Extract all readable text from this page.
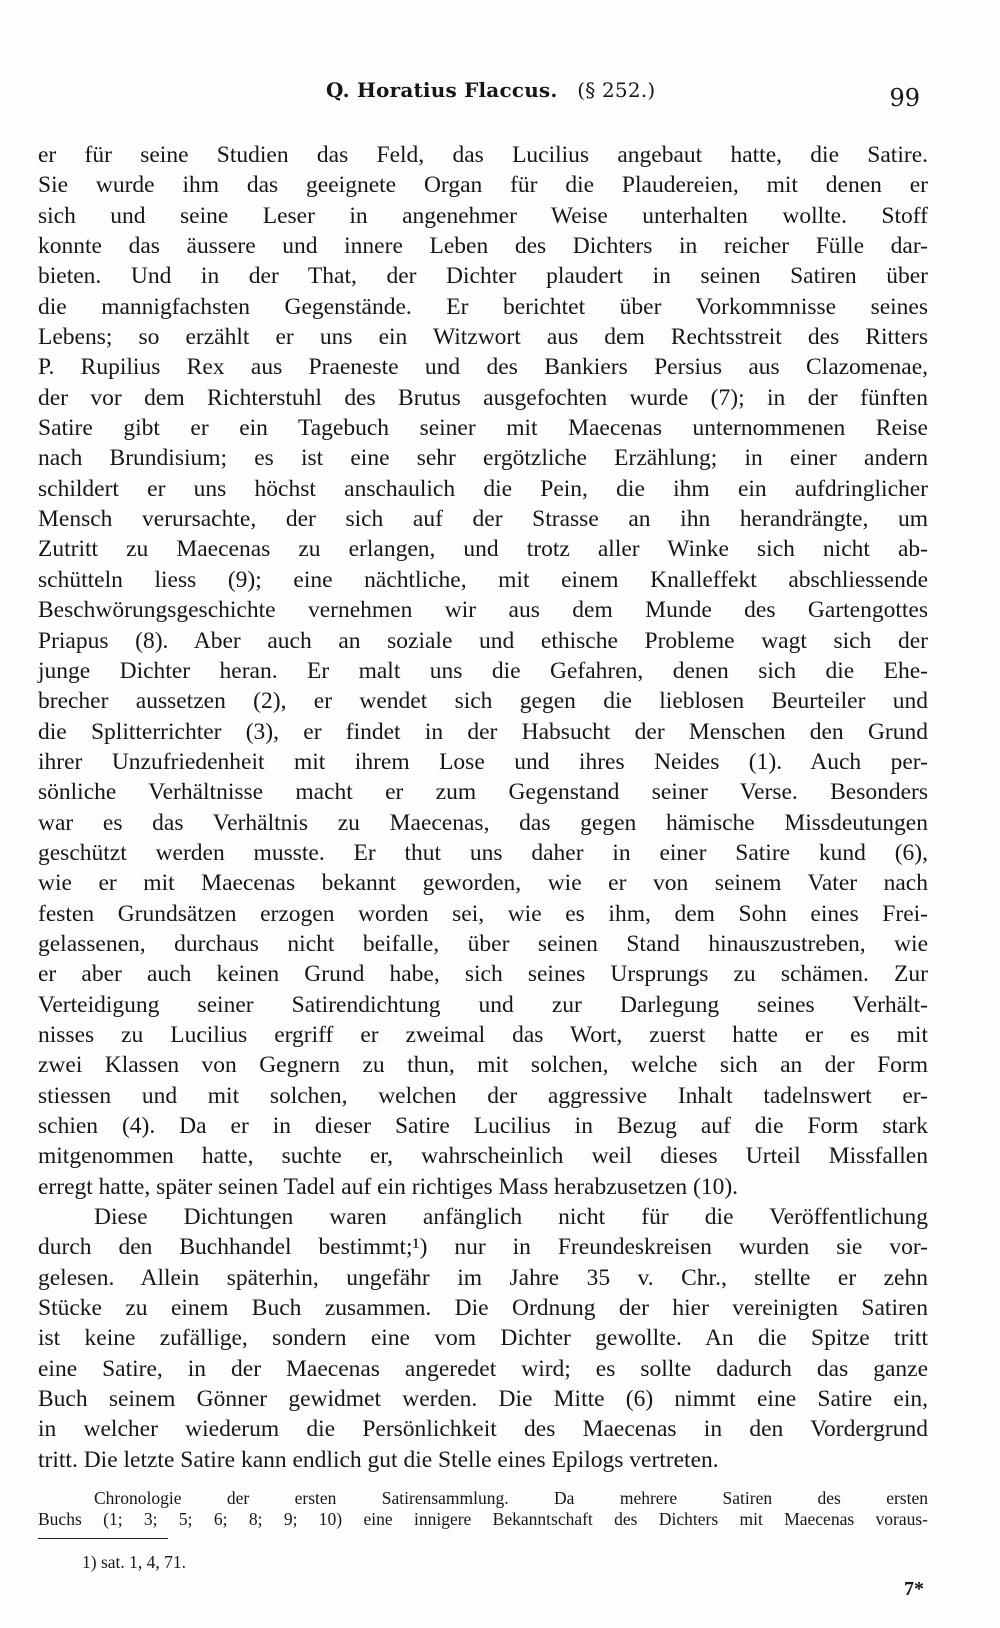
Q. Horatius Flaccus. (§ 252.)	99
er für seine Studien das Feld, das Lucilius angebaut hatte, die Satire.
Sie wurde ihm das geeignete Organ für die Plaudereien, mit denen er
sich und seine Leser in angenehmer Weise unterhalten wollte. Stoff
konnte das äussere und innere Leben des Dichters in reicher Fülle dar-
bieten. Und in der That, der Dichter plaudert in seinen Satiren über
die mannigfachsten Gegenstände. Er berichtet über Vorkommnisse seines
Lebens; so erzählt er uns ein Witzwort aus dem Rechtsstreit des Ritters
P. Rupilius Rex aus Praeneste und des Bankiers Persius aus Clazomenae,
der vor dem Richterstuhl des Brutus ausgefochten wurde (7); in der fünften
Satire gibt er ein Tagebuch seiner mit Maecenas unternommenen Reise
nach Brundisium; es ist eine sehr ergötzliche Erzählung; in einer andern
schildert er uns höchst anschaulich die Pein, die ihm ein aufdringlicher
Mensch verursachte, der sich auf der Strasse an ihn herandrängte, um
Zutritt zu Maecenas zu erlangen, und trotz aller Winke sich nicht ab-
schütteln liess (9); eine nächtliche, mit einem Knalleffekt abschliessende
Beschwörungsgeschichte vernehmen wir aus dem Munde des Gartengottes
Priapus (8). Aber auch an soziale und ethische Probleme wagt sich der
junge Dichter heran. Er malt uns die Gefahren, denen sich die Ehe-
brecher aussetzen (2), er wendet sich gegen die lieblosen Beurteiler und
die Splitterrichter (3), er findet in der Habsucht der Menschen den Grund
ihrer Unzufriedenheit mit ihrem Lose und ihres Neides (1). Auch per-
sönliche Verhältnisse macht er zum Gegenstand seiner Verse. Besonders
war es das Verhältnis zu Maecenas, das gegen hämische Missdeutungen
geschützt werden musste. Er thut uns daher in einer Satire kund (6),
wie er mit Maecenas bekannt geworden, wie er von seinem Vater nach
festen Grundsätzen erzogen worden sei, wie es ihm, dem Sohn eines Frei-
gelassenen, durchaus nicht beifalle, über seinen Stand hinauszustreben, wie
er aber auch keinen Grund habe, sich seines Ursprungs zu schämen. Zur
Verteidigung seiner Satirendichtung und zur Darlegung seines Verhält-
nisses zu Lucilius ergriff er zweimal das Wort, zuerst hatte er es mit
zwei Klassen von Gegnern zu thun, mit solchen, welche sich an der Form
stiessen und mit solchen, welchen der aggressive Inhalt tadelnswert er-
schien (4). Da er in dieser Satire Lucilius in Bezug auf die Form stark
mitgenommen hatte, suchte er, wahrscheinlich weil dieses Urteil Missfallen
erregt hatte, später seinen Tadel auf ein richtiges Mass herabzusetzen (10).
Diese Dichtungen waren anfänglich nicht für die Veröffentlichung
durch den Buchhandel bestimmt;¹) nur in Freundeskreisen wurden sie vor-
gelesen. Allein späterhin, ungefähr im Jahre 35 v. Chr., stellte er zehn
Stücke zu einem Buch zusammen. Die Ordnung der hier vereinigten Satiren
ist keine zufällige, sondern eine vom Dichter gewollte. An die Spitze tritt
eine Satire, in der Maecenas angeredet wird; es sollte dadurch das ganze
Buch seinem Gönner gewidmet werden. Die Mitte (6) nimmt eine Satire ein,
in welcher wiederum die Persönlichkeit des Maecenas in den Vordergrund
tritt. Die letzte Satire kann endlich gut die Stelle eines Epilogs vertreten.
Chronologie der ersten Satirensammlung. Da mehrere Satiren des ersten
Buchs (1; 3; 5; 6; 8; 9; 10) eine innigere Bekanntschaft des Dichters mit Maecenas voraus-
1) sat. 1, 4, 71.
7*
